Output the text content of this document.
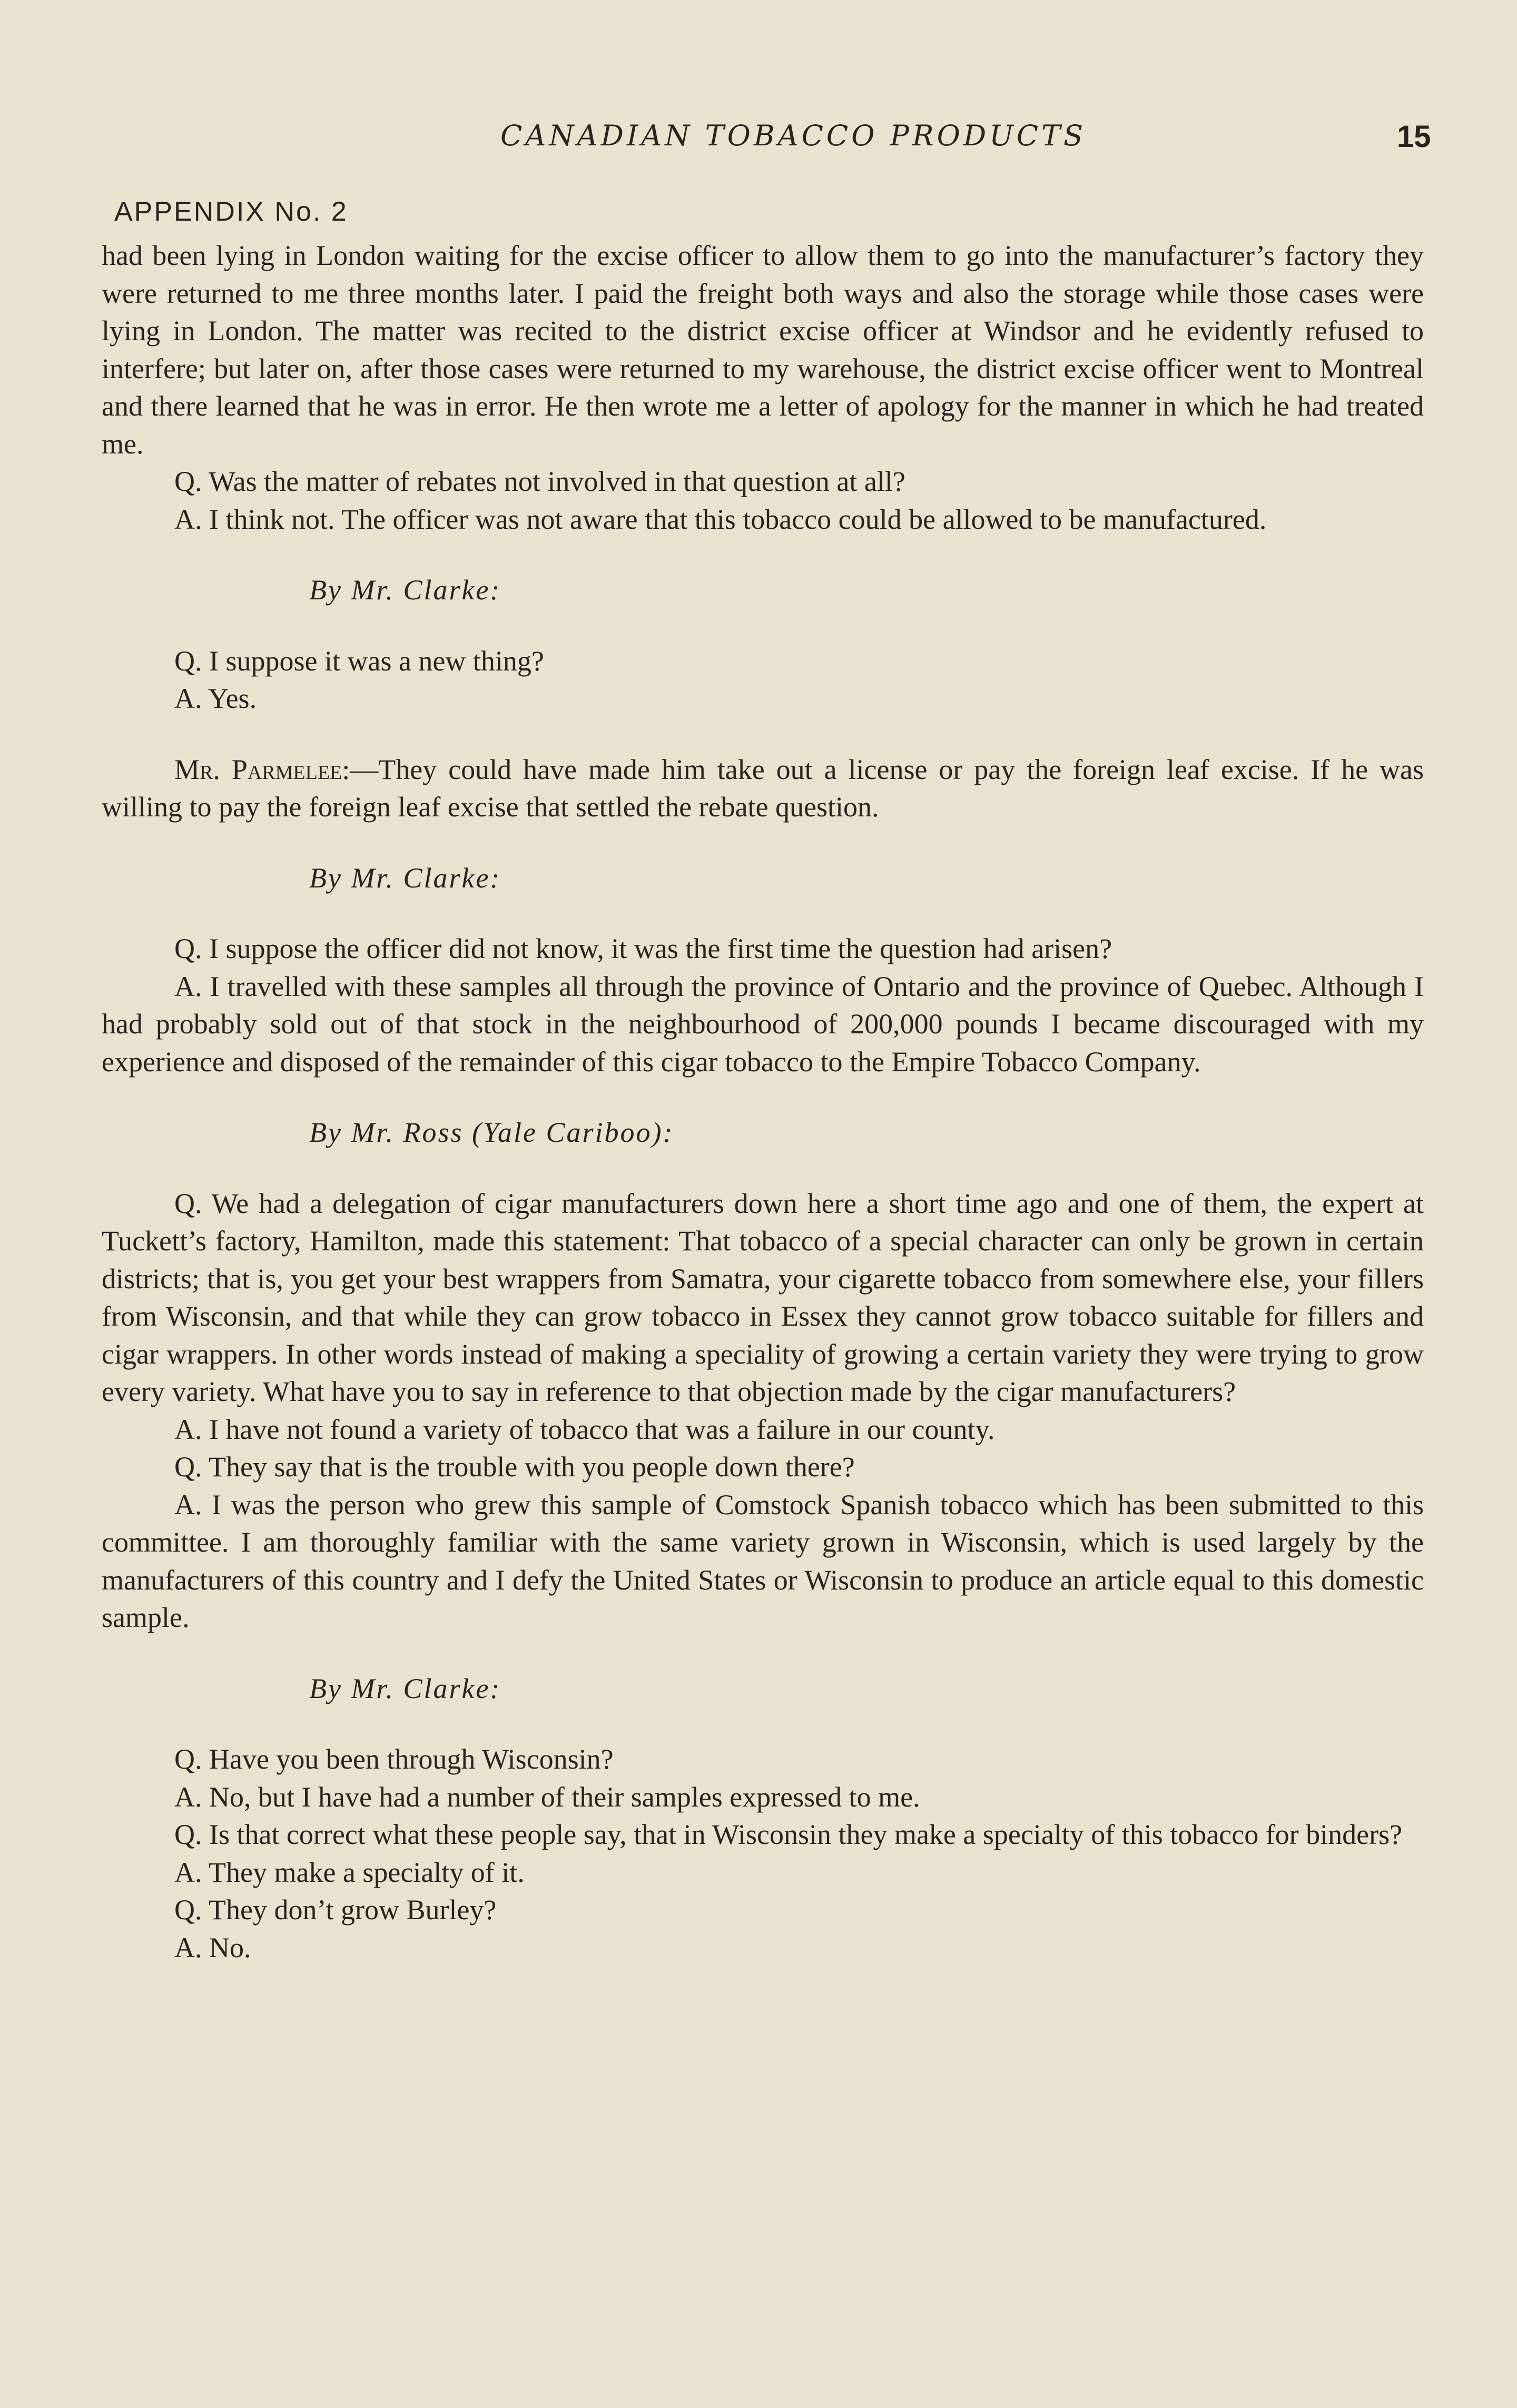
CANADIAN TOBACCO PRODUCTS	15
APPENDIX No. 2

had been lying in London waiting for the excise officer to allow them to go into the manufacturer’s factory they were returned to me three months later. I paid the freight both ways and also the storage while those cases were lying in London. The matter was recited to the district excise officer at Windsor and he evidently refused to interfere; but later on, after those cases were returned to my warehouse, the district excise officer went to Montreal and there learned that he was in error. He then wrote me a letter of apology for the manner in which he had treated me.

Q. Was the matter of rebates not involved in that question at all?

A. I think not. The officer was not aware that this tobacco could be allowed to be manufactured.

By Mr. Clarke:

Q. I suppose it was a new thing?

A. Yes.

Mr. Parmelee:—They could have made him take out a license or pay the foreign leaf excise. If he was willing to pay the foreign leaf excise that settled the rebate question.

By Mr. Clarke:

Q. I suppose the officer did not know, it was the first time the question had arisen?

A. I travelled with these samples all through the province of Ontario and the province of Quebec. Although I had probably sold out of that stock in the neighbourhood of 200,000 pounds I became discouraged with my experience and disposed of the remainder of this cigar tobacco to the Empire Tobacco Company.

By Mr. Ross (Yale Cariboo):

Q. We had a delegation of cigar manufacturers down here a short time ago and one of them, the expert at Tuckett’s factory, Hamilton, made this statement: That tobacco of a special character can only be grown in certain districts; that is, you get your best wrappers from Samatra, your cigarette tobacco from somewhere else, your fillers from Wisconsin, and that while they can grow tobacco in Essex they cannot grow tobacco suitable for fillers and cigar wrappers. In other words instead of making a speciality of growing a certain variety they were trying to grow every variety. What have you to say in reference to that objection made by the cigar manufacturers?

A. I have not found a variety of tobacco that was a failure in our county.

Q. They say that is the trouble with you people down there?

A. I was the person who grew this sample of Comstock Spanish tobacco which has been submitted to this committee. I am thoroughly familiar with the same variety grown in Wisconsin, which is used largely by the manufacturers of this country and I defy the United States or Wisconsin to produce an article equal to this domestic sample.

By Mr. Clarke:

Q. Have you been through Wisconsin?

A. No, but I have had a number of their samples expressed to me.

Q. Is that correct what these people say, that in Wisconsin they make a specialty of this tobacco for binders?

A. They make a specialty of it.

Q. They don’t grow Burley?

A. No.
